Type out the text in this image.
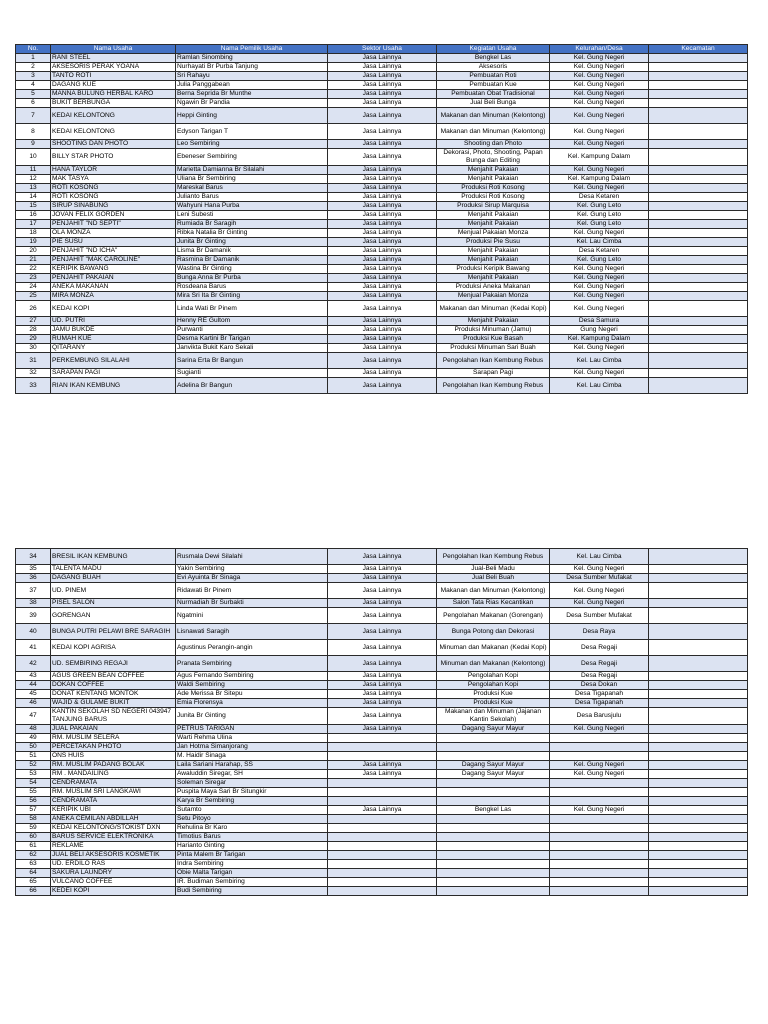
No.	Nama Usaha	Nama Pemilik Usaha	Sektor Usaha	Kegiatan Usaha	Kelurahan/Desa	Kecamatan
1	RANI STEEL	Ramlan Sinombing	Jasa Lainnya	Bengkel Las	Kel. Gung Negeri	
2	AKSESORIS PERAK YOANA	Nurhayati Br Purba Tanjung	Jasa Lainnya	Aksesoris	Kel. Gung Negeri	
3	TANTO ROTI	Sri Rahayu	Jasa Lainnya	Pembuatan Roti	Kel. Gung Negeri	
4	DAGANG KUE	Julia Panggabean	Jasa Lainnya	Pembuatan Kue	Kel. Gung Negeri	
5	MANNA BULUNG HERBAL KARO	Berna Seprida Br Munthe	Jasa Lainnya	Pembuatan Obat Tradisional	Kel. Gung Negeri	
6	BUKIT BERBUNGA	Ngawin Br Pandia	Jasa Lainnya	Jual Beli Bunga	Kel. Gung Negeri	
7	KEDAI KELONTONG	Heppi Ginting	Jasa Lainnya	Makanan dan Minuman (Kelontong)	Kel. Gung Negeri	
8	KEDAI KELONTONG	Edyson Tarigan T	Jasa Lainnya	Makanan dan Minuman (Kelontong)	Kel. Gung Negeri	
9	SHOOTING DAN PHOTO	Leo Sembiring	Jasa Lainnya	Shooting dan Photo	Kel. Gung Negeri	
10	BILLY STAR PHOTO	Ebeneser Sembiring	Jasa Lainnya	Dekorasi, Photo, Shooting, Papan Bunga dan Editing	Kel. Kampung Dalam	
11	HANA TAYLOR	Marietta Damianna Br Silalahi	Jasa Lainnya	Menjahit Pakaian	Kel. Gung Negeri	
12	MAK TASYA	Uliana Br Sembiring	Jasa Lainnya	Menjahit Pakaian	Kel. Kampung Dalam	
13	ROTI KOSONG	Mareskal Barus	Jasa Lainnya	Produksi Roti Kosong	Kel. Gung Negeri	
14	ROTI KOSONG	Julianto Barus	Jasa Lainnya	Produksi Roti Kosong	Desa Ketaren	
15	SIRUP SINABUNG	Wahyuni Hana Purba	Jasa Lainnya	Produksi Sirup Marquisa	Kel. Gung Leto	
16	JOVAN FELIX GORDEN	Leni Subesti	Jasa Lainnya	Menjahit Pakaian	Kel. Gung Leto	
17	PENJAHIT "ND SEPTI"	Rumiada Br Saragih	Jasa Lainnya	Menjahit Pakaian	Kel. Gung Leto	
18	OLA MONZA	Ribka Natalia Br Ginting	Jasa Lainnya	Menjual Pakaian Monza	Kel. Gung Negeri	
19	PIE SUSU	Junita Br Ginting	Jasa Lainnya	Produksi Pie Susu	Kel. Lau Cimba	
20	PENJAHIT "ND ICHA"	Lisma Br Damanik	Jasa Lainnya	Menjahit Pakaian	Desa Ketaren	
21	PENJAHIT "MAK CAROLINE"	Rasmina Br Damanik	Jasa Lainnya	Menjahit Pakaian	Kel. Gung Leto	
22	KERIPIK BAWANG	Wastina Br Ginting	Jasa Lainnya	Produksi Keripik Bawang	Kel. Gung Negeri	
23	PENJAHIT PAKAIAN	Bunga Anna Br Purba	Jasa Lainnya	Menjahit Pakaian	Kel. Gung Negeri	
24	ANEKA MAKANAN	Rosdeana Barus	Jasa Lainnya	Produksi Aneka Makanan	Kel. Gung Negeri	
25	MIRA MONZA	Mira Sri Ita Br Ginting	Jasa Lainnya	Menjual Pakaian Monza	Kel. Gung Negeri	
26	KEDAI KOPI	Linda Wati Br Pinem	Jasa Lainnya	Makanan dan Minuman (Kedai Kopi)	Kel. Gung Negeri	
27	UD. PUTRI	Henny RE Gultom	Jasa Lainnya	Menjahit Pakaian	Desa Samura	
28	JAMU BUKDE	Purwanti	Jasa Lainnya	Produksi Minuman (Jamu)	Gung Negeri	
29	RUMAH KUE	Desma Kartini Br Tarigan	Jasa Lainnya	Produksi Kue Basah	Kel. Kampung Dalam	
30	QITARANY	Janvikta Bukit Karo Sekali	Jasa Lainnya	Produksi Minuman Sari Buah	Kel. Gung Negeri	
31	PERKEMBUNG SILALAHI	Sarina Erta Br Bangun	Jasa Lainnya	Pengolahan Ikan Kembung Rebus	Kel. Lau Cimba	
32	SARAPAN PAGI	Sugianti	Jasa Lainnya	Sarapan Pagi	Kel. Gung Negeri	
33	RIAN IKAN KEMBUNG	Adelina Br Bangun	Jasa Lainnya	Pengolahan Ikan Kembung Rebus	Kel. Lau Cimba	
34	BRESIL IKAN KEMBUNG	Rusmala Dewi Silalahi	Jasa Lainnya	Pengolahan Ikan Kembung Rebus	Kel. Lau Cimba	
35	TALENTA MADU	Yakin Sembiring	Jasa Lainnya	Jual-Beli Madu	Kel. Gung Negeri	
36	DAGANG BUAH	Evi Ayuinta Br Sinaga	Jasa Lainnya	Jual Beli Buah	Desa Sumber Mufakat	
37	UD. PINEM	Ridawati Br Pinem	Jasa Lainnya	Makanan dan Minuman (Kelontong)	Kel. Gung Negeri	
38	PISEL SALON	Nurmadiah Br Surbakti	Jasa Lainnya	Salon Tata Rias Kecantikan	Kel. Gung Negeri	
39	GORENGAN	Ngatmini	Jasa Lainnya	Pengolahan Makanan (Gorengan)	Desa Sumber Mufakat	
40	BUNGA PUTRI PELAWI BRE SARAGIH	Lisnawati Saragih	Jasa Lainnya	Bunga Potong dan Dekorasi	Desa Raya	
41	KEDAI KOPI AGRISA	Agustinus Perangin-angin	Jasa Lainnya	Minuman dan Makanan (Kedai Kopi)	Desa Regaji	
42	UD. SEMBIRING REGAJI	Pranata Sembiring	Jasa Lainnya	Minuman dan Makanan (Kelontong)	Desa Regaji	
43	AGUS GREEN BEAN COFFEE	Agus Fernando Sembiring	Jasa Lainnya	Pengolahan Kopi	Desa Regaji	
44	DOKAN COFFEE	Waldi Sembiring	Jasa Lainnya	Pengolahan Kopi	Desa Dokan	
45	DONAT KENTANG MONTOK	Ade Merissa Br Sitepu	Jasa Lainnya	Produksi Kue	Desa Tigapanah	
46	WAJID & GULAME BUKIT	Emia Florensya	Jasa Lainnya	Produksi Kue	Desa Tigapanah	
47	KANTIN SEKOLAH SD NEGERI 043947 TANJUNG BARUS	Junita Br Ginting	Jasa Lainnya	Makanan dan Minuman (Jajanan Kantin Sekolah)	Desa Barusjulu	
48	JUAL PAKAIAN	PETRUS TARIGAN	Jasa Lainnya	Dagang Sayur Mayur	Kel. Gung Negeri	
49	RM. MUSLIM SELERA	Warti Rehma Ulina				
50	PERCETAKAN PHOTO	Jan Hotma Simanjorang				
51	ONS HUIS	M. Haidir Sinaga				
52	RM. MUSLIM PADANG BOLAK	Laila Sariani Harahap, SS	Jasa Lainnya	Dagang Sayur Mayur	Kel. Gung Negeri	
53	RM . MANDAILING	Awaluddin Siregar, SH	Jasa Lainnya	Dagang Sayur Mayur	Kel. Gung Negeri	
54	CENDRAMATA	Soleman Siregar				
55	RM. MUSLIM SRI LANGKAWI	Puspita Maya Sari Br Situngkir				
56	CENDRAMATA	Karya Br Sembiring				
57	KERIPIK UBI	Sutamto	Jasa Lainnya	Bengkel Las	Kel. Gung Negeri	
58	ANEKA CEMILAN ABDILLAH	Setu Pitoyo				
59	KEDAI KELONTONG/STOKIST DXN	Rehulina Br Karo				
60	BARUS SERVICE ELEKTRONIKA	Timotius Barus				
61	REKLAME	Harianto Ginting				
62	JUAL BELI AKSESORIS KOSMETIK	Pinta Malem Br Tarigan				
63	UD. ERDILO RAS	Indra Sembiring				
64	SAKURA LAUNDRY	Obie Malta Tarigan				
65	VULCANO COFFEE	IR. Budiman Sembiring				
66	KEDEI KOPI	Budi Sembiring				
